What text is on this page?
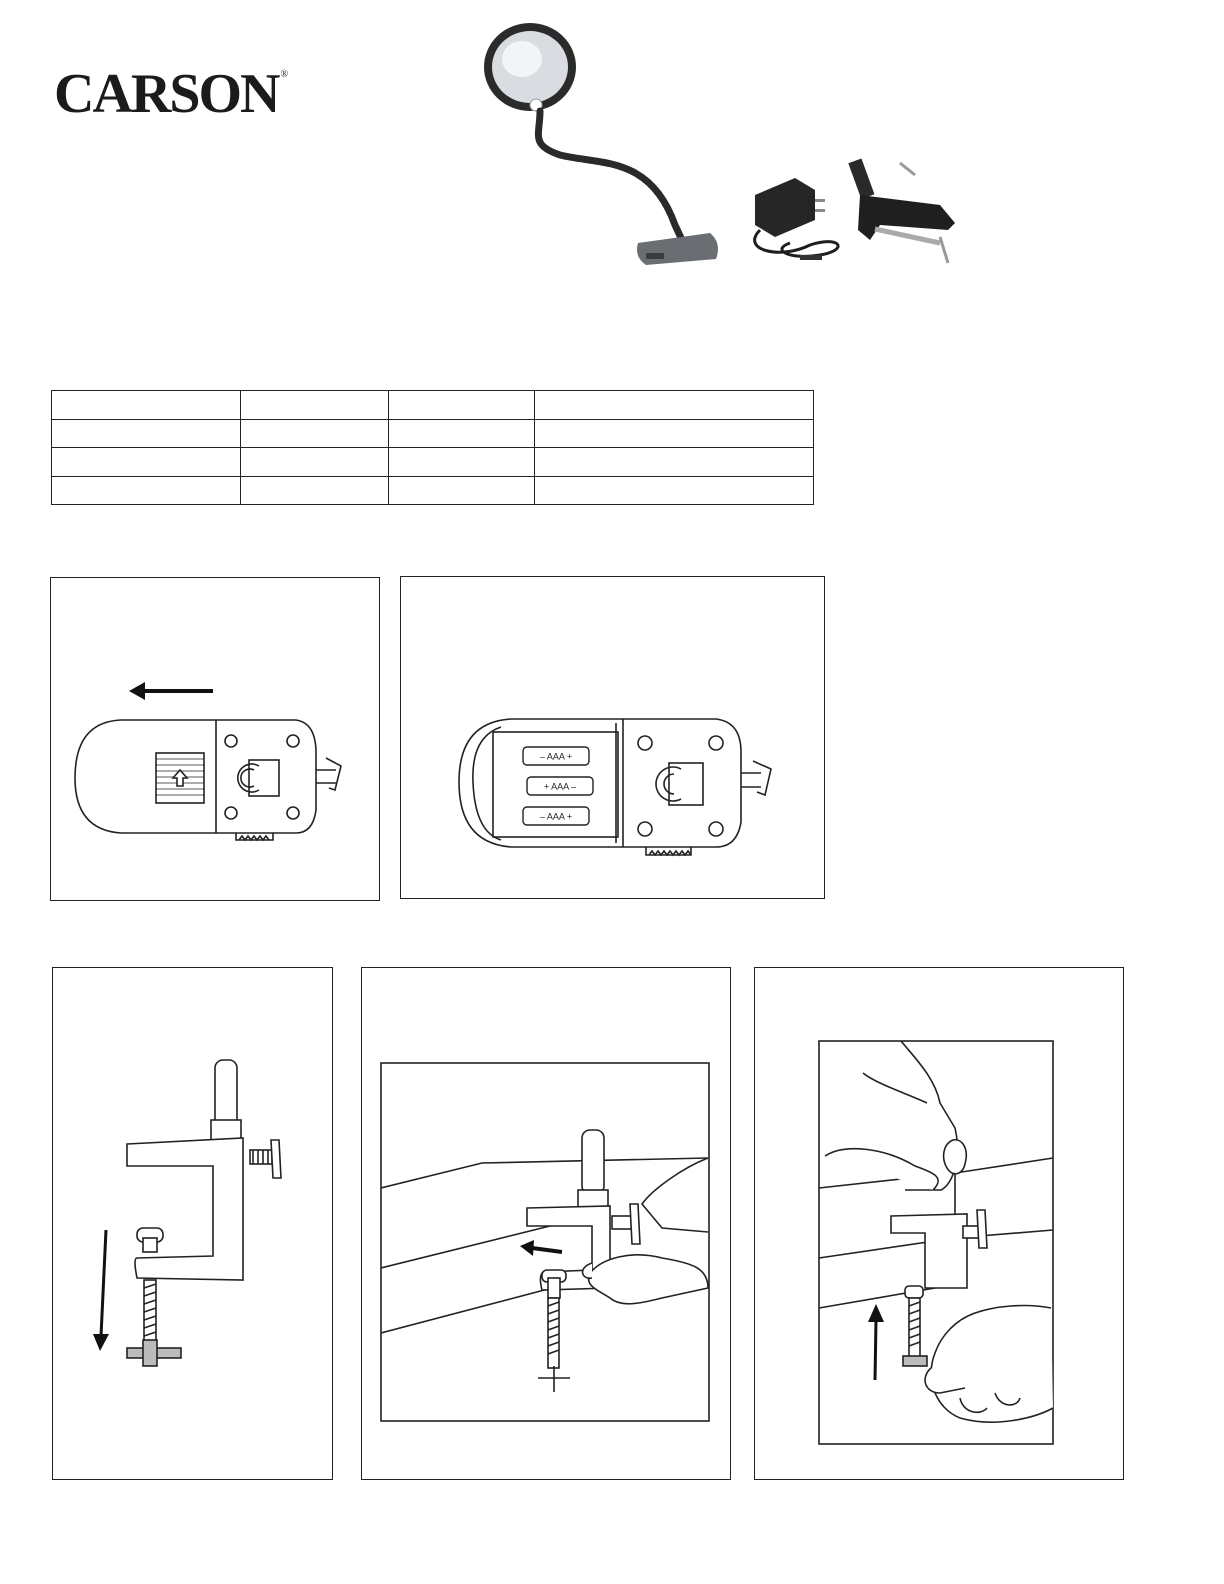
CARSON ®

– AAA +
+ AAA –
– AAA +
